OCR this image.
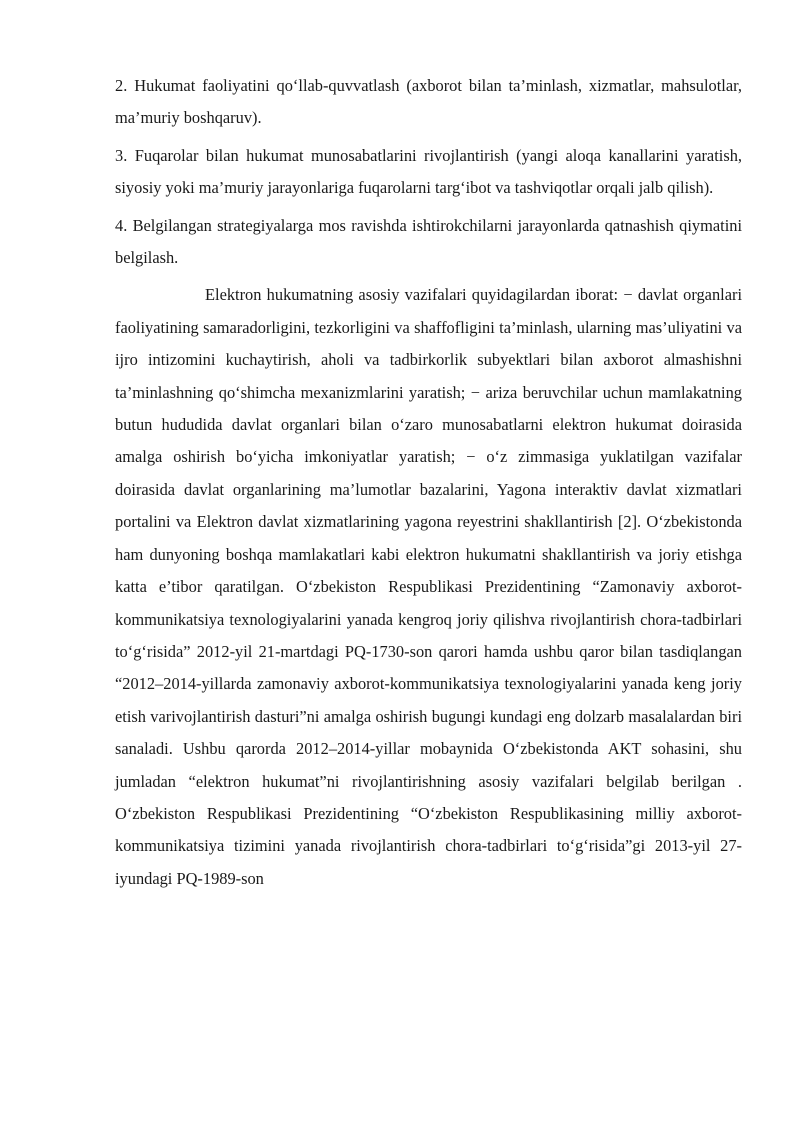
2. Hukumat faoliyatini qo‘llab-quvvatlash (axborot bilan ta’minlash, xizmatlar, mahsulotlar, ma’muriy boshqaruv).

3. Fuqarolar bilan hukumat munosabatlarini rivojlantirish (yangi aloqa kanallarini yaratish, siyosiy yoki ma’muriy jarayonlariga fuqarolarni targ‘ibot va tashviqotlar orqali jalb qilish).

4. Belgilangan strategiyalarga mos ravishda ishtirokchilarni jarayonlarda qatnashish qiymatini belgilash.

Elektron hukumatning asosiy vazifalari quyidagilardan iborat: − davlat organlari faoliyatining samaradorligini, tezkorligini va shaffofligini ta’minlash, ularning mas’uliyatini va ijro intizomini kuchaytirish, aholi va tadbirkorlik subyektlari bilan axborot almashishni ta’minlashning qo‘shimcha mexanizmlarini yaratish; − ariza beruvchilar uchun mamlakatning butun hududida davlat organlari bilan o‘zaro munosabatlarni elektron hukumat doirasida amalga oshirish bo‘yicha imkoniyatlar yaratish; − o‘z zimmasiga yuklatilgan vazifalar doirasida davlat organlarining ma’lumotlar bazalarini, Yagona interaktiv davlat xizmatlari portalini va Elektron davlat xizmatlarining yagona reyestrini shakllantirish [2]. O‘zbekistonda ham dunyoning boshqa mamlakatlari kabi elektron hukumatni shakllantirish va joriy etishga katta e’tibor qaratilgan. O‘zbekiston Respublikasi Prezidentining “Zamonaviy axborot-kommunikatsiya texnologiyalarini yanada kengroq joriy qilishva rivojlantirish chora-tadbirlari to‘g‘risida” 2012-yil 21-martdagi PQ-1730-son qarori hamda ushbu qaror bilan tasdiqlangan “2012–2014-yillarda zamonaviy axborot-kommunikatsiya texnologiyalarini yanada keng joriy etish varivojlantirish dasturi”ni amalga oshirish bugungi kundagi eng dolzarb masalalardan biri sanaladi. Ushbu qarorda 2012–2014-yillar mobaynida O‘zbekistonda AKT sohasini, shu jumladan “elektron hukumat”ni rivojlantirishning asosiy vazifalari belgilab berilgan . O‘zbekiston Respublikasi Prezidentining “O‘zbekiston Respublikasining milliy axborot-kommunikatsiya tizimini yanada rivojlantirish chora-tadbirlari to‘g‘risida”gi 2013-yil 27-iyundagi PQ-1989-son
